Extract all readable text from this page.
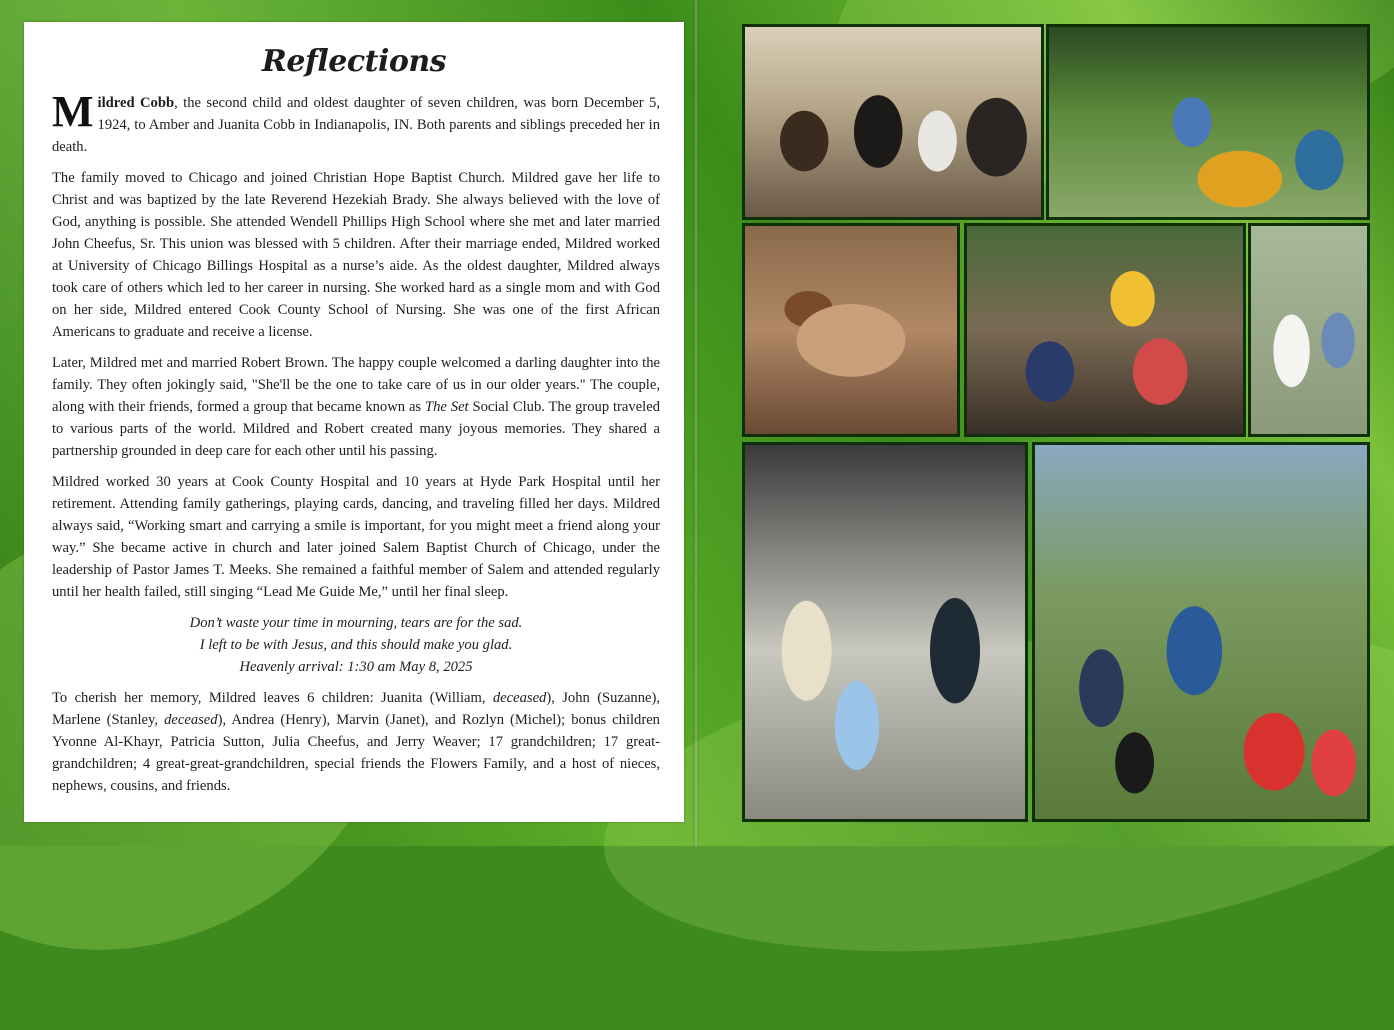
Reflections

Mildred Cobb, the second child and oldest daughter of seven children, was born December 5, 1924, to Amber and Juanita Cobb in Indianapolis, IN. Both parents and siblings preceded her in death.

The family moved to Chicago and joined Christian Hope Baptist Church. Mildred gave her life to Christ and was baptized by the late Reverend Hezekiah Brady. She always believed with the love of God, anything is possible. She attended Wendell Phillips High School where she met and later married John Cheefus, Sr. This union was blessed with 5 children. After their marriage ended, Mildred worked at University of Chicago Billings Hospital as a nurse’s aide. As the oldest daughter, Mildred always took care of others which led to her career in nursing. She worked hard as a single mom and with God on her side, Mildred entered Cook County School of Nursing. She was one of the first African Americans to graduate and receive a license.

Later, Mildred met and married Robert Brown. The happy couple welcomed a darling daughter into the family. They often jokingly said, "She'll be the one to take care of us in our older years." The couple, along with their friends, formed a group that became known as The Set Social Club. The group traveled to various parts of the world. Mildred and Robert created many joyous memories. They shared a partnership grounded in deep care for each other until his passing.

Mildred worked 30 years at Cook County Hospital and 10 years at Hyde Park Hospital until her retirement. Attending family gatherings, playing cards, dancing, and traveling filled her days. Mildred always said, “Working smart and carrying a smile is important, for you might meet a friend along your way.” She became active in church and later joined Salem Baptist Church of Chicago, under the leadership of Pastor James T. Meeks. She remained a faithful member of Salem and attended regularly until her health failed, still singing “Lead Me Guide Me,” until her final sleep.

Don’t waste your time in mourning, tears are for the sad.
I left to be with Jesus, and this should make you glad.
Heavenly arrival: 1:30 am May 8, 2025

To cherish her memory, Mildred leaves 6 children: Juanita (William, deceased), John (Suzanne), Marlene (Stanley, deceased), Andrea (Henry), Marvin (Janet), and Rozlyn (Michel); bonus children Yvonne Al-Khayr, Patricia Sutton, Julia Cheefus, and Jerry Weaver; 17 grandchildren; 17 great-grandchildren; 4 great-great-grandchildren, special friends the Flowers Family, and a host of nieces, nephews, cousins, and friends.
